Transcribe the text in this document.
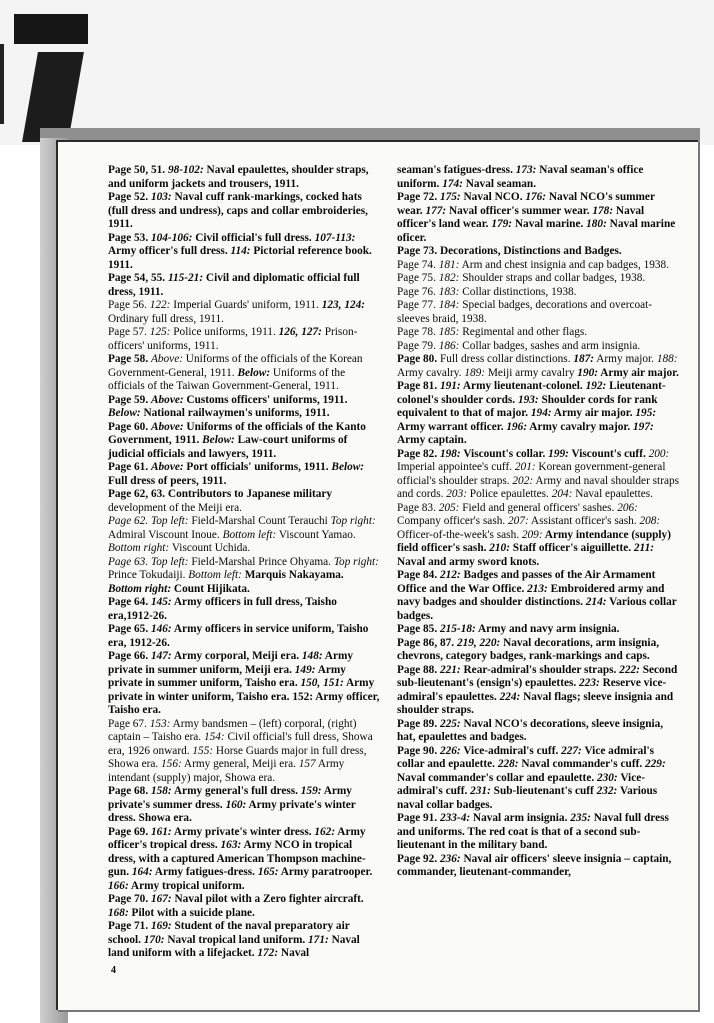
Page 50, 51. 98-102: Naval epaulettes, shoulder straps, and uniform jackets and trousers, 1911.

Page 52. 103: Naval cuff rank-markings, cocked hats (full dress and undress), caps and collar embroideries, 1911.

Page 53. 104-106: Civil official's full dress. 107-113: Army officer's full dress. 114: Pictorial reference book. 1911.

Page 54, 55. 115-21: Civil and diplomatic official full dress, 1911.

Page 56. 122: Imperial Guards' uniform, 1911. 123, 124: Ordinary full dress, 1911.

Page 57. 125: Police uniforms, 1911. 126, 127: Prison-officers' uniforms, 1911.

Page 58. Above: Uniforms of the officials of the Korean Government-General, 1911. Below: Uniforms of the officials of the Taiwan Government-General, 1911.

Page 59. Above: Customs officers' uniforms, 1911. Below: National railwaymen's uniforms, 1911.

Page 60. Above: Uniforms of the officials of the Kanto Government, 1911. Below: Law-court uniforms of judicial officials and lawyers, 1911.

Page 61. Above: Port officials' uniforms, 1911. Below: Full dress of peers, 1911.

Page 62, 63. Contributors to Japanese military development of the Meiji era.

Page 62. Top left: Field-Marshal Count Terauchi Top right: Admiral Viscount Inoue. Bottom left: Viscount Yamao. Bottom right: Viscount Uchida.

Page 63. Top left: Field-Marshal Prince Ohyama. Top right: Prince Tokudaiji. Bottom left: Marquis Nakayama. Bottom right: Count Hijikata.

Page 64. 145: Army officers in full dress, Taisho era,1912-26.

Page 65. 146: Army officers in service uniform, Taisho era, 1912-26.

Page 66. 147: Army corporal, Meiji era. 148: Army private in summer uniform, Meiji era. 149: Army private in summer uniform, Taisho era. 150, 151: Army private in winter uniform, Taisho era. 152: Army officer, Taisho era.

Page 67. 153: Army bandsmen – (left) corporal, (right) captain – Taisho era. 154: Civil official's full dress, Showa era, 1926 onward. 155: Horse Guards major in full dress, Showa era. 156: Army general, Meiji era. 157 Army intendant (supply) major, Showa era.

Page 68. 158: Army general's full dress. 159: Army private's summer dress. 160: Army private's winter dress. Showa era.

Page 69. 161: Army private's winter dress. 162: Army officer's tropical dress. 163: Army NCO in tropical dress, with a captured American Thompson machine-gun. 164: Army fatigues-dress. 165: Army paratrooper. 166: Army tropical uniform.

Page 70. 167: Naval pilot with a Zero fighter aircraft. 168: Pilot with a suicide plane.

Page 71. 169: Student of the naval preparatory air school. 170: Naval tropical land uniform. 171: Naval land uniform with a lifejacket. 172: Naval

seaman's fatigues-dress. 173: Naval seaman's office uniform. 174: Naval seaman.

Page 72. 175: Naval NCO. 176: Naval NCO's summer wear. 177: Naval officer's summer wear. 178: Naval officer's land wear. 179: Naval marine. 180: Naval marine oficer.

Page 73. Decorations, Distinctions and Badges.

Page 74. 181: Arm and chest insignia and cap badges, 1938.

Page 75. 182: Shoulder straps and collar badges, 1938.

Page 76. 183: Collar distinctions, 1938.

Page 77. 184: Special badges, decorations and overcoat-sleeves braid, 1938.

Page 78. 185: Regimental and other flags.

Page 79. 186: Collar badges, sashes and arm insignia.

Page 80. Full dress collar distinctions. 187: Army major. 188: Army cavalry. 189: Meiji army cavalry 190: Army air major.

Page 81. 191: Army lieutenant-colonel. 192: Lieutenant-colonel's shoulder cords. 193: Shoulder cords for rank equivalent to that of major. 194: Army air major. 195: Army warrant officer. 196: Army cavalry major. 197: Army captain.

Page 82. 198: Viscount's collar. 199: Viscount's cuff. 200: Imperial appointee's cuff. 201: Korean government-general official's shoulder straps. 202: Army and naval shoulder straps and cords. 203: Police epaulettes. 204: Naval epaulettes.

Page 83. 205: Field and general officers' sashes. 206: Company officer's sash. 207: Assistant officer's sash. 208: Officer-of-the-week's sash. 209: Army intendance (supply) field officer's sash. 210: Staff officer's aiguillette. 211: Naval and army sword knots.

Page 84. 212: Badges and passes of the Air Armament Office and the War Office. 213: Embroidered army and navy badges and shoulder distinctions. 214: Various collar badges.

Page 85. 215-18: Army and navy arm insignia.

Page 86, 87. 219, 220: Naval decorations, arm insignia, chevrons, category badges, rank-markings and caps.

Page 88. 221: Rear-admiral's shoulder straps. 222: Second sub-lieutenant's (ensign's) epaulettes. 223: Reserve vice-admiral's epaulettes. 224: Naval flags; sleeve insignia and shoulder straps.

Page 89. 225: Naval NCO's decorations, sleeve insignia, hat, epaulettes and badges.

Page 90. 226: Vice-admiral's cuff. 227: Vice admiral's collar and epaulette. 228: Naval commander's cuff. 229: Naval commander's collar and epaulette. 230: Vice-admiral's cuff. 231: Sub-lieutenant's cuff 232: Various naval collar badges.

Page 91. 233-4: Naval arm insignia. 235: Naval full dress and uniforms. The red coat is that of a second sub-lieutenant in the military band.

Page 92. 236: Naval air officers' sleeve insignia – captain, commander, lieutenant-commander,

4
